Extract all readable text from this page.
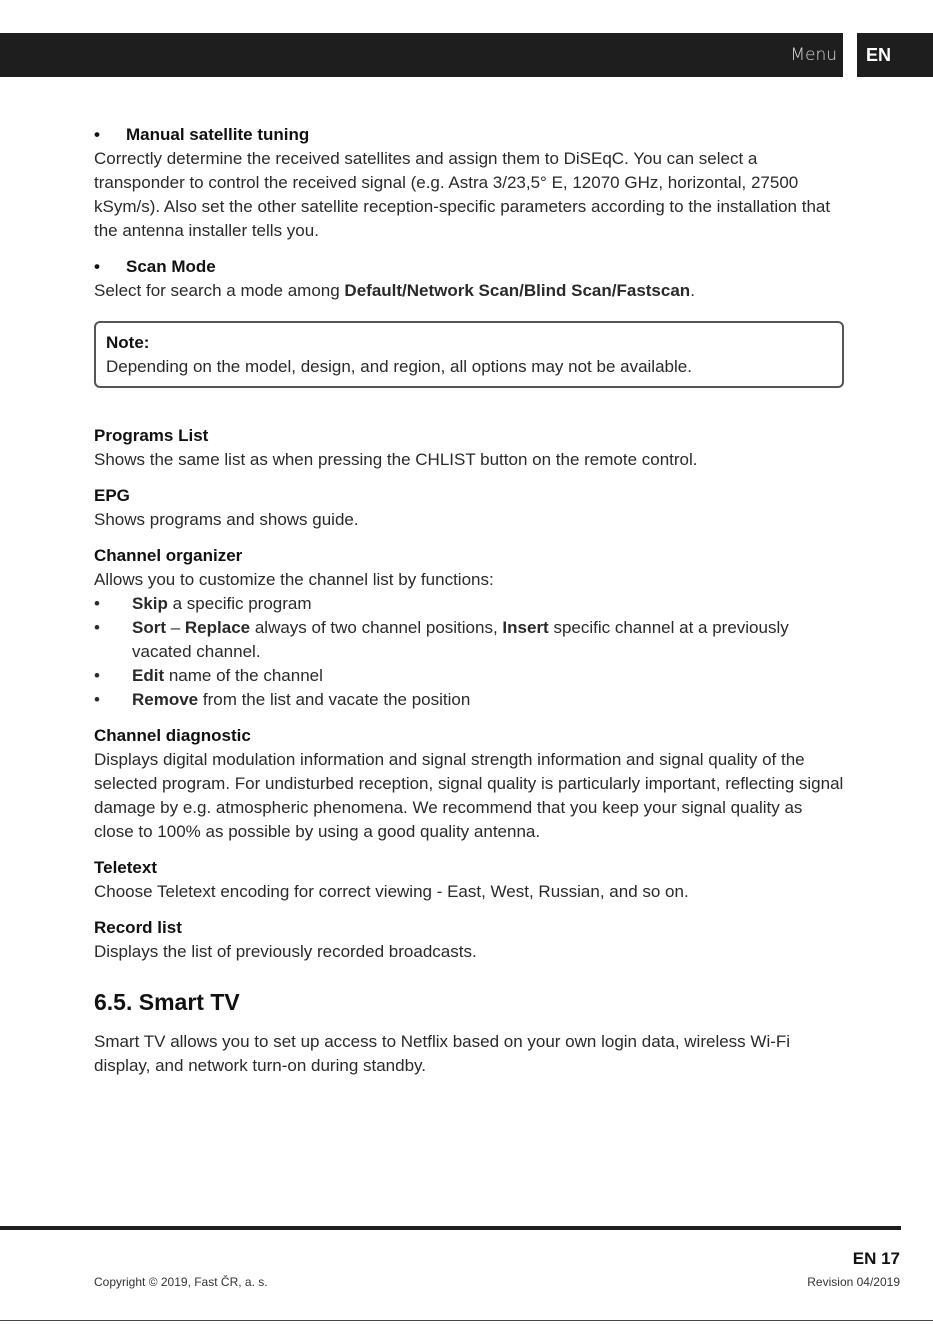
Menu	EN
•	Manual satellite tuning

Correctly determine the received satellites and assign them to DiSEqC. You can select a transponder to control the received signal (e.g. Astra 3/23,5° E, 12070 GHz, horizontal, 27500 kSym/s). Also set the other satellite reception-specific parameters according to the installation that the antenna installer tells you.

•	Scan Mode

Select for search a mode among Default/Network Scan/Blind Scan/Fastscan.

Note:

Depending on the model, design, and region, all options may not be available.

Programs List

Shows the same list as when pressing the CHLIST button on the remote control.

EPG

Shows programs and shows guide.

Channel organizer

Allows you to customize the channel list by functions:

•	Skip a specific program
•	Sort – Replace always of two channel positions, Insert specific channel at a previously vacated channel.
•	Edit name of the channel
•	Remove from the list and vacate the position
Channel diagnostic

Displays digital modulation information and signal strength information and signal quality of the selected program. For undisturbed reception, signal quality is particularly important, reflecting signal damage by e.g. atmospheric phenomena. We recommend that you keep your signal quality as close to 100% as possible by using a good quality antenna.

Teletext

Choose Teletext encoding for correct viewing - East, West, Russian, and so on.

Record list

Displays the list of previously recorded broadcasts.

6.5. Smart TV

Smart TV allows you to set up access to Netflix based on your own login data, wireless Wi-Fi display, and network turn-on during standby.

Copyright © 2019, Fast ČR, a. s.
EN 17
Revision 04/2019
